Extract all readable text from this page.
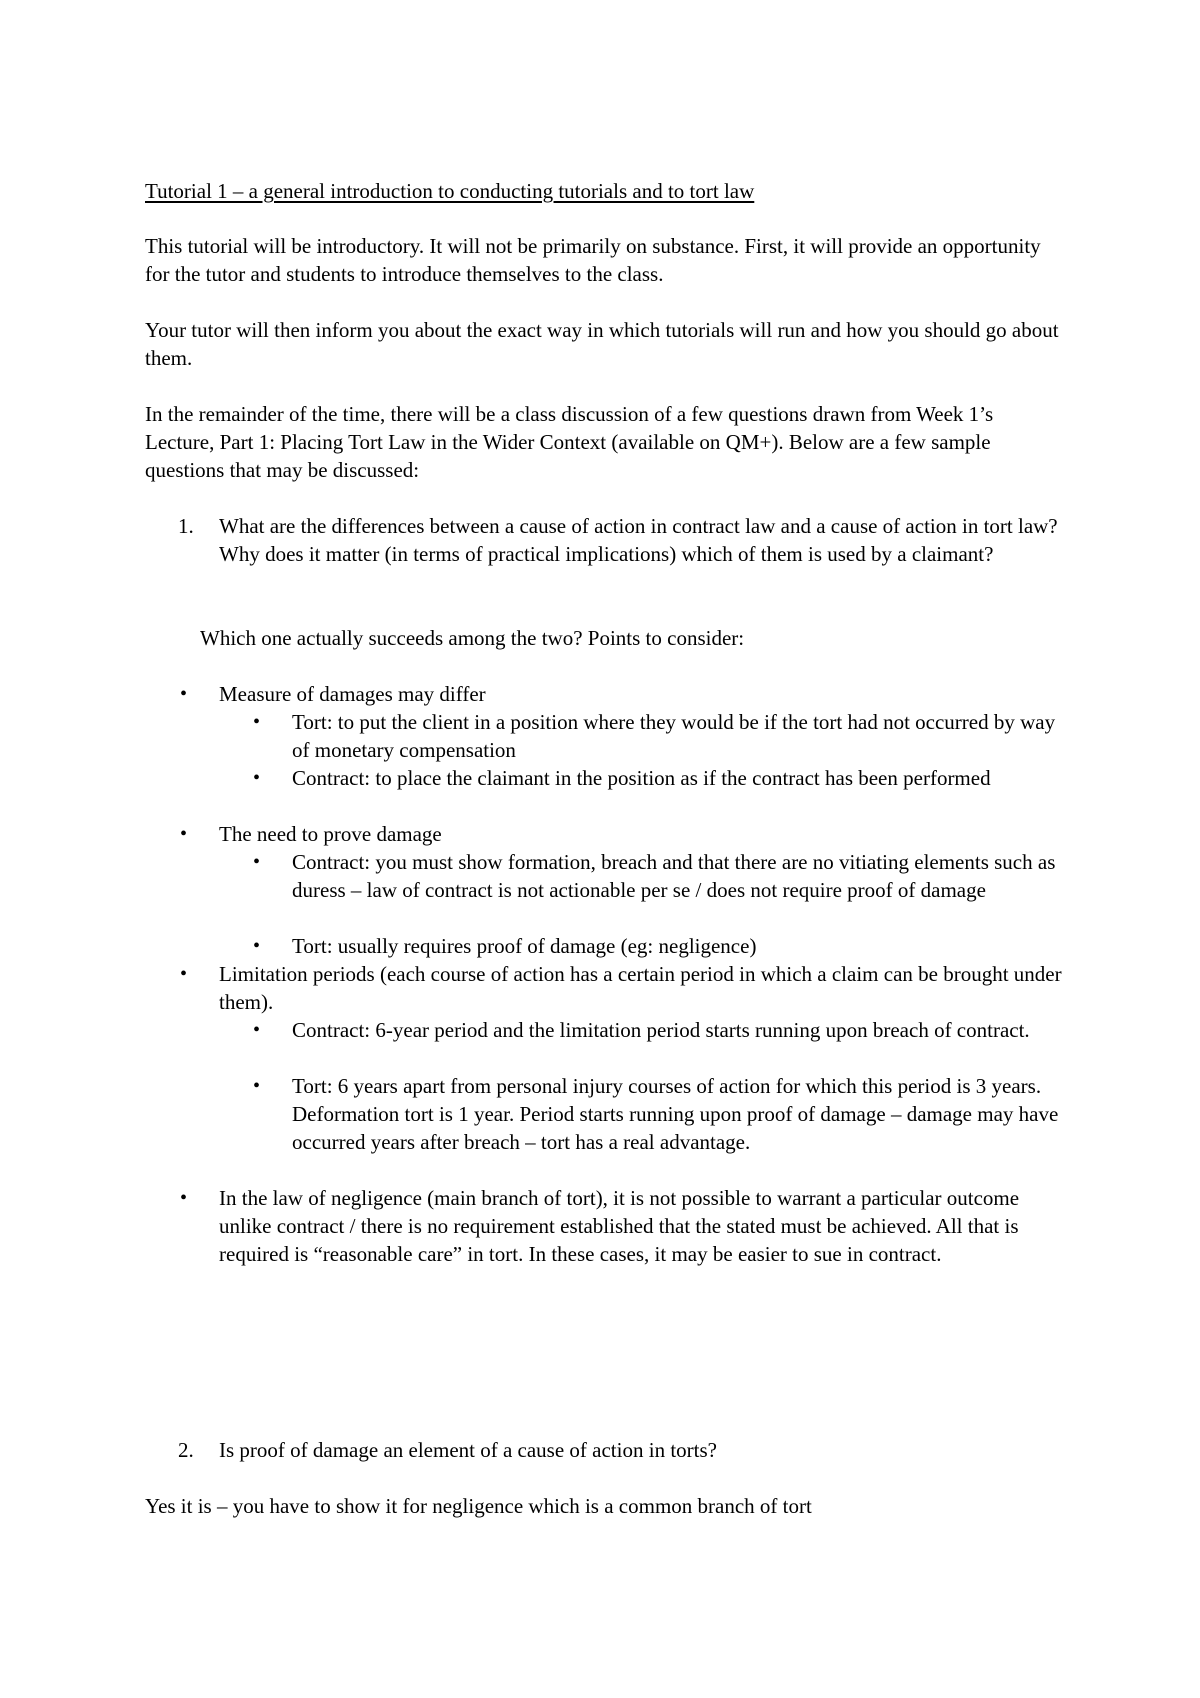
Tutorial 1 – a general introduction to conducting tutorials and to tort law

This tutorial will be introductory. It will not be primarily on substance. First, it will provide an opportunity for the tutor and students to introduce themselves to the class.

Your tutor will then inform you about the exact way in which tutorials will run and how you should go about them.

In the remainder of the time, there will be a class discussion of a few questions drawn from Week 1’s Lecture, Part 1: Placing Tort Law in the Wider Context (available on QM+). Below are a few sample questions that may be discussed:

1. What are the differences between a cause of action in contract law and a cause of action in tort law? Why does it matter (in terms of practical implications) which of them is used by a claimant?

Which one actually succeeds among the two? Points to consider:

• Measure of damages may differ
• Tort: to put the client in a position where they would be if the tort had not occurred by way of monetary compensation
• Contract: to place the claimant in the position as if the contract has been performed
• The need to prove damage
• Contract: you must show formation, breach and that there are no vitiating elements such as duress – law of contract is not actionable per se / does not require proof of damage
• Tort: usually requires proof of damage (eg: negligence)
• Limitation periods (each course of action has a certain period in which a claim can be brought under them).
• Contract: 6-year period and the limitation period starts running upon breach of contract.
• Tort: 6 years apart from personal injury courses of action for which this period is 3 years. Deformation tort is 1 year. Period starts running upon proof of damage – damage may have occurred years after breach – tort has a real advantage.
• In the law of negligence (main branch of tort), it is not possible to warrant a particular outcome unlike contract / there is no requirement established that the stated must be achieved. All that is required is “reasonable care” in tort. In these cases, it may be easier to sue in contract.
2. Is proof of damage an element of a cause of action in torts?

Yes it is – you have to show it for negligence which is a common branch of tort
